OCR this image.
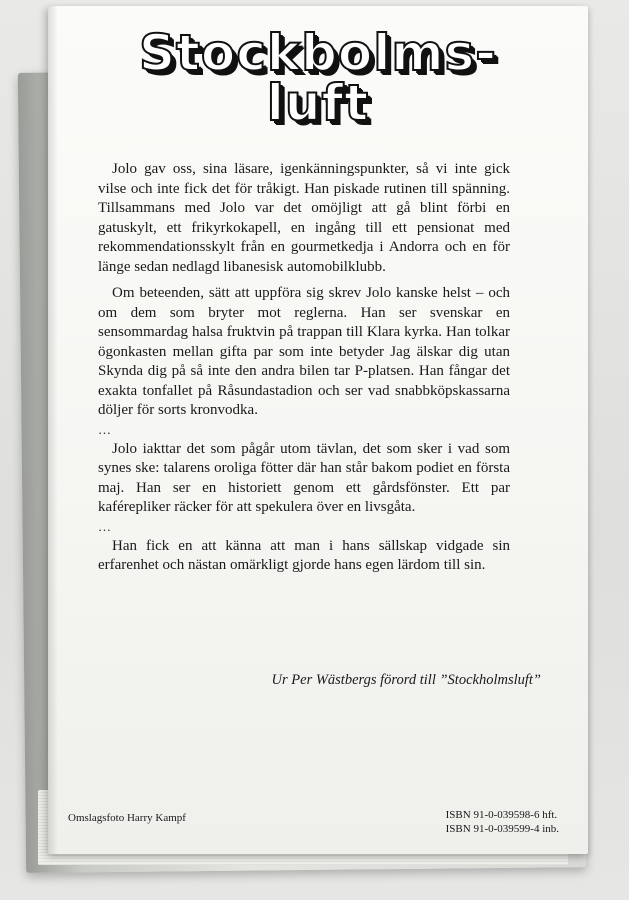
Stockbolms-
luft

Jolo gav oss, sina läsare, igenkänningspunkter, så vi inte gick vilse och inte fick det för tråkigt. Han piskade rutinen till spänning. Tillsammans med Jolo var det omöjligt att gå blint förbi en gatuskylt, ett frikyrkokapell, en ingång till ett pensionat med rekommendationsskylt från en gourmetkedja i Andorra och en för länge sedan nedlagd libanesisk automobilklubb.

Om beteenden, sätt att uppföra sig skrev Jolo kanske helst – och om dem som bryter mot reglerna. Han ser svenskar en sensommardag halsa fruktvin på trappan till Klara kyrka. Han tolkar ögonkasten mellan gifta par som inte betyder Jag älskar dig utan Skynda dig på så inte den andra bilen tar P-platsen. Han fångar det exakta tonfallet på Råsundastadion och ser vad snabbköpskassarna döljer för sorts kronvodka.

…

Jolo iakttar det som pågår utom tävlan, det som sker i vad som synes ske: talarens oroliga fötter där han står bakom podiet en första maj. Han ser en historiett genom ett gårdsfönster. Ett par kaférepliker räcker för att spekulera över en livsgåta.

…

Han fick en att känna att man i hans sällskap vidgade sin erfarenhet och nästan omärkligt gjorde hans egen lärdom till sin.

Ur Per Wästbergs förord till ”Stockholmsluft”
Omslagsfoto Harry Kampf	ISBN 91-0-039598-6 hft.
ISBN 91-0-039599-4 inb.
